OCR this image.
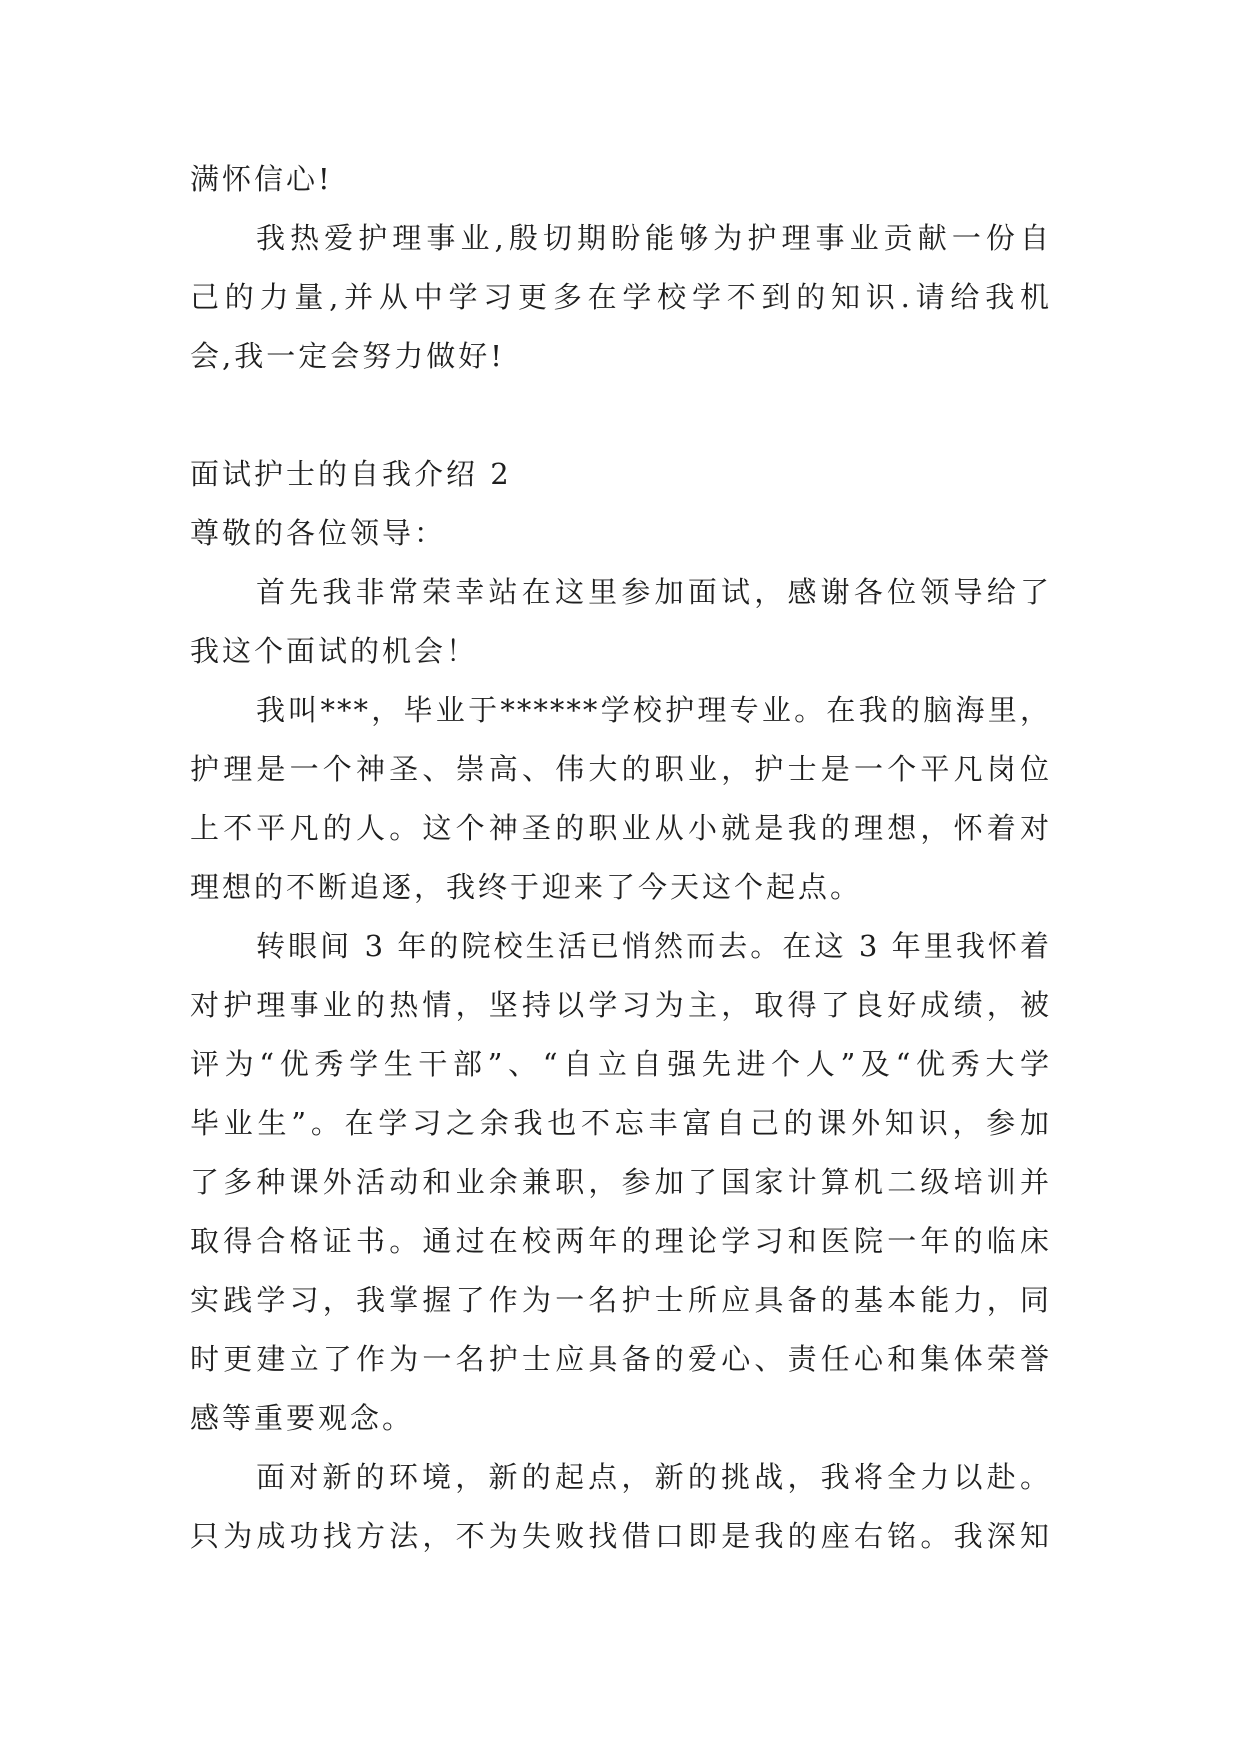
满怀信心!
我热爱护理事业,殷切期盼能够为护理事业贡献一份自
己的力量,并从中学习更多在学校学不到的知识.请给我机
会,我一定会努力做好!
面试护士的自我介绍 2
尊敬的各位领导：
首先我非常荣幸站在这里参加面试，感谢各位领导给了
我这个面试的机会！
我叫***，毕业于******学校护理专业。在我的脑海里，
护理是一个神圣、崇高、伟大的职业，护士是一个平凡岗位
上不平凡的人。这个神圣的职业从小就是我的理想，怀着对
理想的不断追逐，我终于迎来了今天这个起点。
转眼间 3 年的院校生活已悄然而去。在这 3 年里我怀着
对护理事业的热情，坚持以学习为主，取得了良好成绩，被
评为“优秀学生干部”、“自立自强先进个人”及“优秀大学
毕业生”。在学习之余我也不忘丰富自己的课外知识，参加
了多种课外活动和业余兼职，参加了国家计算机二级培训并
取得合格证书。通过在校两年的理论学习和医院一年的临床
实践学习，我掌握了作为一名护士所应具备的基本能力，同
时更建立了作为一名护士应具备的爱心、责任心和集体荣誉
感等重要观念。
面对新的环境，新的起点，新的挑战，我将全力以赴。
只为成功找方法，不为失败找借口即是我的座右铭。我深知
